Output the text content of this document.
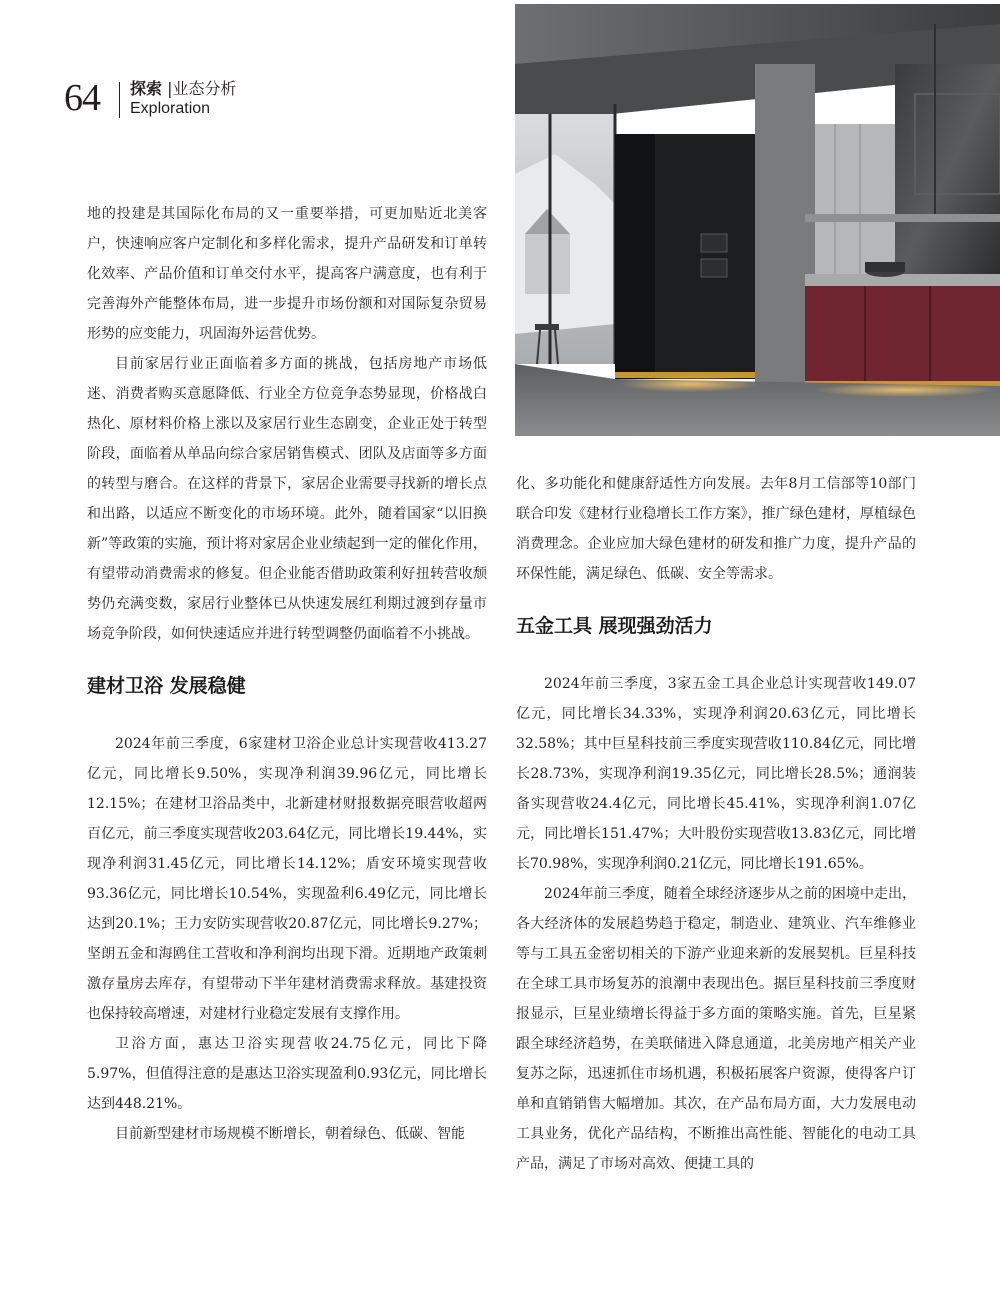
64 探索 |业态分析
Exploration

地的投建是其国际化布局的又一重要举措，可更加贴近北美客户，快速响应客户定制化和多样化需求，提升产品研发和订单转化效率、产品价值和订单交付水平，提高客户满意度，也有利于完善海外产能整体布局，进一步提升市场份额和对国际复杂贸易形势的应变能力，巩固海外运营优势。

目前家居行业正面临着多方面的挑战，包括房地产市场低迷、消费者购买意愿降低、行业全方位竞争态势显现，价格战白热化、原材料价格上涨以及家居行业生态剧变，企业正处于转型阶段，面临着从单品向综合家居销售模式、团队及店面等多方面的转型与磨合。在这样的背景下，家居企业需要寻找新的增长点和出路，以适应不断变化的市场环境。此外，随着国家“以旧换新”等政策的实施，预计将对家居企业业绩起到一定的催化作用，有望带动消费需求的修复。但企业能否借助政策利好扭转营收颓势仍充满变数，家居行业整体已从快速发展红利期过渡到存量市场竞争阶段，如何快速适应并进行转型调整仍面临着不小挑战。

建材卫浴 发展稳健

2024年前三季度，6家建材卫浴企业总计实现营收413.27亿元，同比增长9.50%，实现净利润39.96亿元，同比增长12.15%；在建材卫浴品类中，北新建材财报数据亮眼营收超两百亿元，前三季度实现营收203.64亿元，同比增长19.44%，实现净利润31.45亿元，同比增长14.12%；盾安环境实现营收93.36亿元，同比增长10.54%，实现盈利6.49亿元，同比增长达到20.1%；王力安防实现营收20.87亿元，同比增长9.27%；坚朗五金和海鸥住工营收和净利润均出现下滑。近期地产政策刺激存量房去库存，有望带动下半年建材消费需求释放。基建投资也保持较高增速，对建材行业稳定发展有支撑作用。

卫浴方面，惠达卫浴实现营收24.75亿元，同比下降5.97%，但值得注意的是惠达卫浴实现盈利0.93亿元，同比增长达到448.21%。

目前新型建材市场规模不断增长，朝着绿色、低碳、智能

化、多功能化和健康舒适性方向发展。去年8月工信部等10部门联合印发《建材行业稳增长工作方案》，推广绿色建材，厚植绿色消费理念。企业应加大绿色建材的研发和推广力度，提升产品的环保性能，满足绿色、低碳、安全等需求。

五金工具 展现强劲活力

2024年前三季度，3家五金工具企业总计实现营收149.07亿元，同比增长34.33%，实现净利润20.63亿元，同比增长32.58%；其中巨星科技前三季度实现营收110.84亿元，同比增长28.73%，实现净利润19.35亿元，同比增长28.5%；通润装备实现营收24.4亿元，同比增长45.41%，实现净利润1.07亿元，同比增长151.47%；大叶股份实现营收13.83亿元，同比增长70.98%，实现净利润0.21亿元，同比增长191.65%。

2024年前三季度，随着全球经济逐步从之前的困境中走出，各大经济体的发展趋势趋于稳定，制造业、建筑业、汽车维修业等与工具五金密切相关的下游产业迎来新的发展契机。巨星科技在全球工具市场复苏的浪潮中表现出色。据巨星科技前三季度财报显示，巨星业绩增长得益于多方面的策略实施。首先，巨星紧跟全球经济趋势，在美联储进入降息通道，北美房地产相关产业复苏之际，迅速抓住市场机遇，积极拓展客户资源，使得客户订单和直销销售大幅增加。其次，在产品布局方面，大力发展电动工具业务，优化产品结构，不断推出高性能、智能化的电动工具产品，满足了市场对高效、便捷工具的
